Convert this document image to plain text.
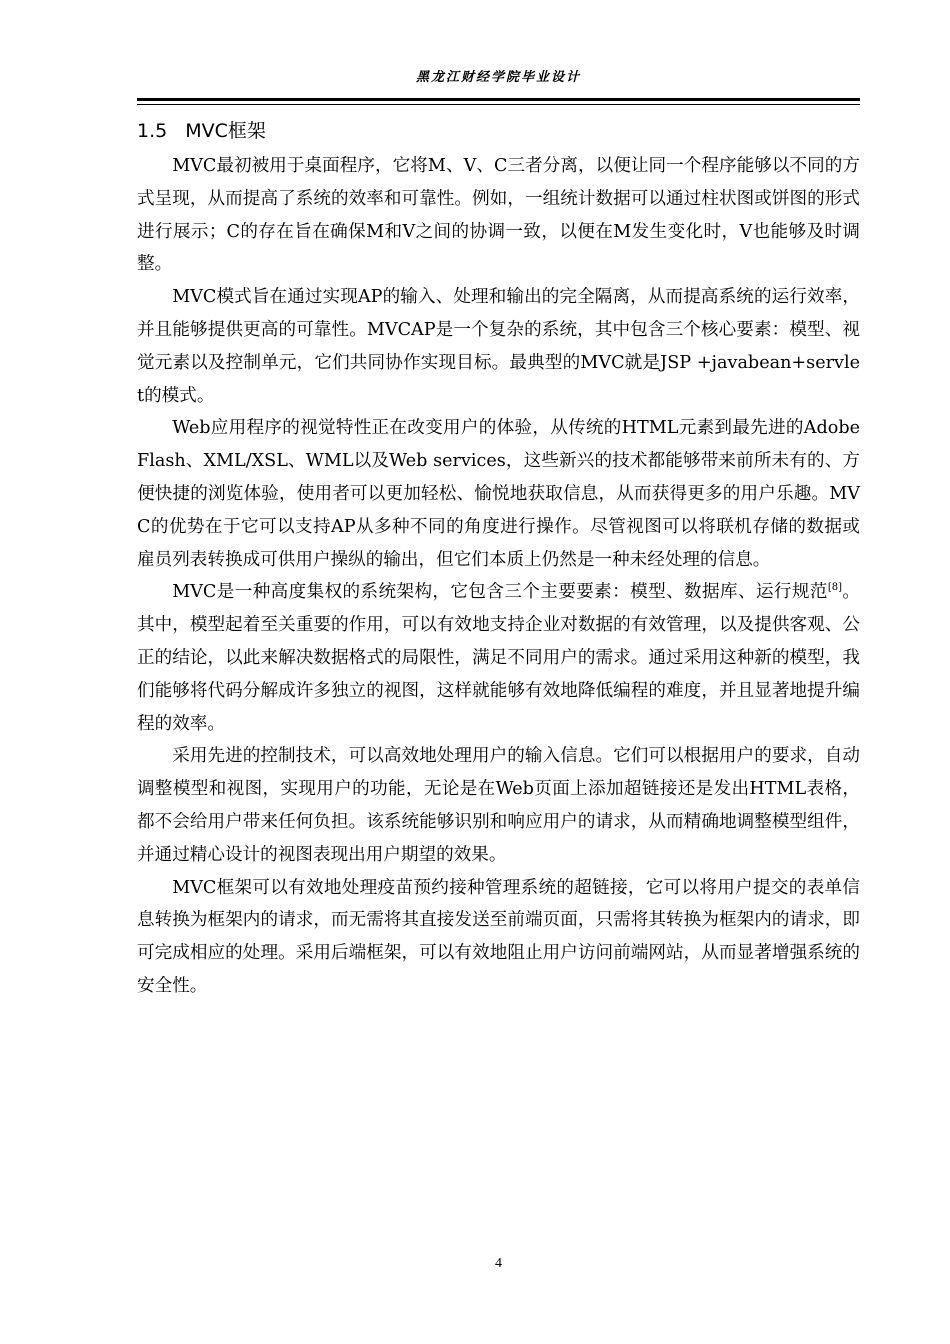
黑龙江财经学院毕业设计
1.5 MVC框架

MVC最初被用于桌面程序，它将M、V、C三者分离，以便让同一个程序能够以不同的方式呈现，从而提高了系统的效率和可靠性。例如，一组统计数据可以通过柱状图或饼图的形式进行展示；C的存在旨在确保M和V之间的协调一致，以便在M发生变化时，V也能够及时调整。

MVC模式旨在通过实现AP的输入、处理和输出的完全隔离，从而提高系统的运行效率，并且能够提供更高的可靠性。MVCAP是一个复杂的系统，其中包含三个核心要素：模型、视觉元素以及控制单元，它们共同协作实现目标。最典型的MVC就是JSP +javabean+servlet的模式。

Web应用程序的视觉特性正在改变用户的体验，从传统的HTML元素到最先进的Adobe Flash、XML/XSL、WML以及Web services，这些新兴的技术都能够带来前所未有的、方便快捷的浏览体验，使用者可以更加轻松、愉悦地获取信息，从而获得更多的用户乐趣。MVC的优势在于它可以支持AP从多种不同的角度进行操作。尽管视图可以将联机存储的数据或雇员列表转换成可供用户操纵的输出，但它们本质上仍然是一种未经处理的信息。

MVC是一种高度集权的系统架构，它包含三个主要要素：模型、数据库、运行规范[8]。其中，模型起着至关重要的作用，可以有效地支持企业对数据的有效管理，以及提供客观、公正的结论，以此来解决数据格式的局限性，满足不同用户的需求。通过采用这种新的模型，我们能够将代码分解成许多独立的视图，这样就能够有效地降低编程的难度，并且显著地提升编程的效率。

采用先进的控制技术，可以高效地处理用户的输入信息。它们可以根据用户的要求，自动调整模型和视图，实现用户的功能，无论是在Web页面上添加超链接还是发出HTML表格，都不会给用户带来任何负担。该系统能够识别和响应用户的请求，从而精确地调整模型组件，并通过精心设计的视图表现出用户期望的效果。

MVC框架可以有效地处理疫苗预约接种管理系统的超链接，它可以将用户提交的表单信息转换为框架内的请求，而无需将其直接发送至前端页面，只需将其转换为框架内的请求，即可完成相应的处理。采用后端框架，可以有效地阻止用户访问前端网站，从而显著增强系统的安全性。

4
